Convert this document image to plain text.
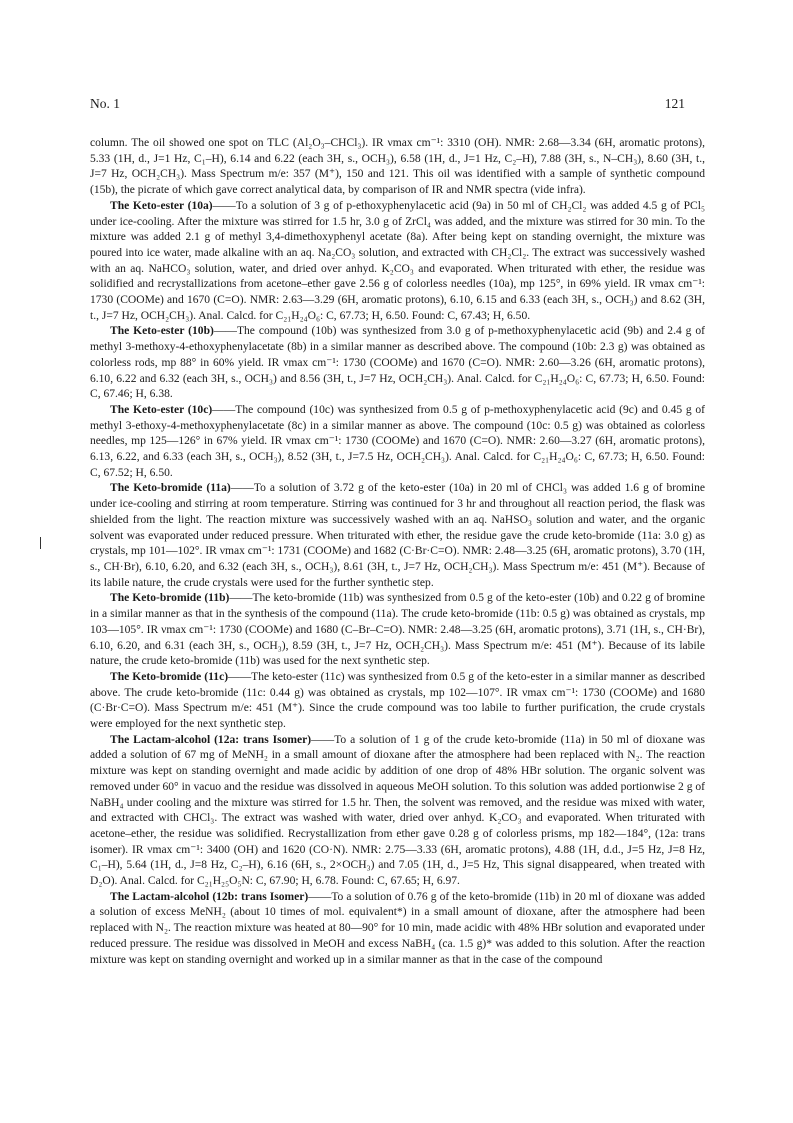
No. 1	121

column. The oil showed one spot on TLC (Al₂O₃–CHCl₃). IR νmax cm⁻¹: 3310 (OH). NMR: 2.68—3.34 (6H, aromatic protons), 5.33 (1H, d., J=1 Hz, C₁–H), 6.14 and 6.22 (each 3H, s., OCH₃), 6.58 (1H, d., J=1 Hz, C₂–H), 7.88 (3H, s., N–CH₃), 8.60 (3H, t., J=7 Hz, OCH₂CH₃). Mass Spectrum m/e: 357 (M⁺), 150 and 121. This oil was identified with a sample of synthetic compound (15b), the picrate of which gave correct analytical data, by comparison of IR and NMR spectra (vide infra).

The Keto-ester (10a)——To a solution of 3 g of p-ethoxyphenylacetic acid (9a) in 50 ml of CH₂Cl₂ was added 4.5 g of PCl₅ under ice-cooling. After the mixture was stirred for 1.5 hr, 3.0 g of ZrCl₄ was added, and the mixture was stirred for 30 min. To the mixture was added 2.1 g of methyl 3,4-dimethoxyphenyl acetate (8a). After being kept on standing overnight, the mixture was poured into ice water, made alkaline with an aq. Na₂CO₃ solution, and extracted with CH₂Cl₂. The extract was successively washed with an aq. NaHCO₃ solution, water, and dried over anhyd. K₂CO₃ and evaporated. When triturated with ether, the residue was solidified and recrystallizations from acetone–ether gave 2.56 g of colorless needles (10a), mp 125°, in 69% yield. IR νmax cm⁻¹: 1730 (COOMe) and 1670 (C=O). NMR: 2.63—3.29 (6H, aromatic protons), 6.10, 6.15 and 6.33 (each 3H, s., OCH₃) and 8.62 (3H, t., J=7 Hz, OCH₂CH₃). Anal. Calcd. for C₂₁H₂₄O₆: C, 67.73; H, 6.50. Found: C, 67.43; H, 6.50.

The Keto-ester (10b)——The compound (10b) was synthesized from 3.0 g of p-methoxyphenylacetic acid (9b) and 2.4 g of methyl 3-methoxy-4-ethoxyphenylacetate (8b) in a similar manner as described above. The compound (10b: 2.3 g) was obtained as colorless rods, mp 88° in 60% yield. IR νmax cm⁻¹: 1730 (COOMe) and 1670 (C=O). NMR: 2.60—3.26 (6H, aromatic protons), 6.10, 6.22 and 6.32 (each 3H, s., OCH₃) and 8.56 (3H, t., J=7 Hz, OCH₂CH₃). Anal. Calcd. for C₂₁H₂₄O₆: C, 67.73; H, 6.50. Found: C, 67.46; H, 6.38.

The Keto-ester (10c)——The compound (10c) was synthesized from 0.5 g of p-methoxyphenylacetic acid (9c) and 0.45 g of methyl 3-ethoxy-4-methoxyphenylacetate (8c) in a similar manner as above. The compound (10c: 0.5 g) was obtained as colorless needles, mp 125—126° in 67% yield. IR νmax cm⁻¹: 1730 (COOMe) and 1670 (C=O). NMR: 2.60—3.27 (6H, aromatic protons), 6.13, 6.22, and 6.33 (each 3H, s., OCH₃), 8.52 (3H, t., J=7.5 Hz, OCH₂CH₃). Anal. Calcd. for C₂₁H₂₄O₆: C, 67.73; H, 6.50. Found: C, 67.52; H, 6.50.

The Keto-bromide (11a)——To a solution of 3.72 g of the keto-ester (10a) in 20 ml of CHCl₃ was added 1.6 g of bromine under ice-cooling and stirring at room temperature. Stirring was continued for 3 hr and throughout all reaction period, the flask was shielded from the light. The reaction mixture was successively washed with an aq. NaHSO₃ solution and water, and the organic solvent was evaporated under reduced pressure. When triturated with ether, the residue gave the crude keto-bromide (11a: 3.0 g) as crystals, mp 101—102°. IR νmax cm⁻¹: 1731 (COOMe) and 1682 (C·Br·C=O). NMR: 2.48—3.25 (6H, aromatic protons), 3.70 (1H, s., CH·Br), 6.10, 6.20, and 6.32 (each 3H, s., OCH₃), 8.61 (3H, t., J=7 Hz, OCH₂CH₃). Mass Spectrum m/e: 451 (M⁺). Because of its labile nature, the crude crystals were used for the further synthetic step.

The Keto-bromide (11b)——The keto-bromide (11b) was synthesized from 0.5 g of the keto-ester (10b) and 0.22 g of bromine in a similar manner as that in the synthesis of the compound (11a). The crude keto-bromide (11b: 0.5 g) was obtained as crystals, mp 103—105°. IR νmax cm⁻¹: 1730 (COOMe) and 1680 (C–Br–C=O). NMR: 2.48—3.25 (6H, aromatic protons), 3.71 (1H, s., CH·Br), 6.10, 6.20, and 6.31 (each 3H, s., OCH₃), 8.59 (3H, t., J=7 Hz, OCH₂CH₃). Mass Spectrum m/e: 451 (M⁺). Because of its labile nature, the crude keto-bromide (11b) was used for the next synthetic step.

The Keto-bromide (11c)——The keto-ester (11c) was synthesized from 0.5 g of the keto-ester in a similar manner as described above. The crude keto-bromide (11c: 0.44 g) was obtained as crystals, mp 102—107°. IR νmax cm⁻¹: 1730 (COOMe) and 1680 (C·Br·C=O). Mass Spectrum m/e: 451 (M⁺). Since the crude compound was too labile to further purification, the crude crystals were employed for the next synthetic step.

The Lactam-alcohol (12a: trans Isomer)——To a solution of 1 g of the crude keto-bromide (11a) in 50 ml of dioxane was added a solution of 67 mg of MeNH₂ in a small amount of dioxane after the atmosphere had been replaced with N₂. The reaction mixture was kept on standing overnight and made acidic by addition of one drop of 48% HBr solution. The organic solvent was removed under 60° in vacuo and the residue was dissolved in aqueous MeOH solution. To this solution was added portionwise 2 g of NaBH₄ under cooling and the mixture was stirred for 1.5 hr. Then, the solvent was removed, and the residue was mixed with water, and extracted with CHCl₃. The extract was washed with water, dried over anhyd. K₂CO₃ and evaporated. When triturated with acetone–ether, the residue was solidified. Recrystallization from ether gave 0.28 g of colorless prisms, mp 182—184°, (12a: trans isomer). IR νmax cm⁻¹: 3400 (OH) and 1620 (CO·N). NMR: 2.75—3.33 (6H, aromatic protons), 4.88 (1H, d.d., J=5 Hz, J=8 Hz, C₁–H), 5.64 (1H, d., J=8 Hz, C₂–H), 6.16 (6H, s., 2×OCH₃) and 7.05 (1H, d., J=5 Hz, This signal disappeared, when treated with D₂O). Anal. Calcd. for C₂₁H₂₅O₅N: C, 67.90; H, 6.78. Found: C, 67.65; H, 6.97.

The Lactam-alcohol (12b: trans Isomer)——To a solution of 0.76 g of the keto-bromide (11b) in 20 ml of dioxane was added a solution of excess MeNH₂ (about 10 times of mol. equivalent*) in a small amount of dioxane, after the atmosphere had been replaced with N₂. The reaction mixture was heated at 80—90° for 10 min, made acidic with 48% HBr solution and evaporated under reduced pressure. The residue was dissolved in MeOH and excess NaBH₄ (ca. 1.5 g)* was added to this solution. After the reaction mixture was kept on standing overnight and worked up in a similar manner as that in the case of the compound
